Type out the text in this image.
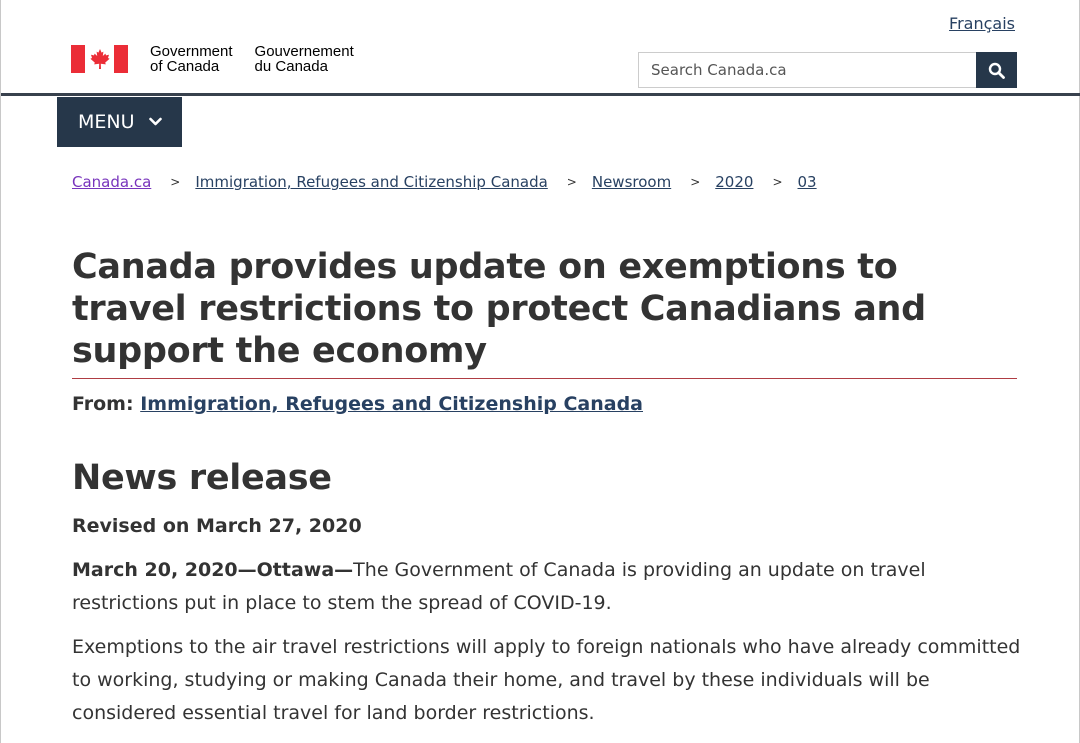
Français
Government
of Canada
Gouvernement
du Canada
Search Canada.ca
MENU
Canada.ca > Immigration, Refugees and Citizenship Canada > Newsroom > 2020 > 03
Canada provides update on exemptions to travel restrictions to protect Canadians and support the economy
From: Immigration, Refugees and Citizenship Canada
News release
Revised on March 27, 2020

March 20, 2020—Ottawa—The Government of Canada is providing an update on travel restrictions put in place to stem the spread of COVID-19.

Exemptions to the air travel restrictions will apply to foreign nationals who have already committed to working, studying or making Canada their home, and travel by these individuals will be considered essential travel for land border restrictions.
